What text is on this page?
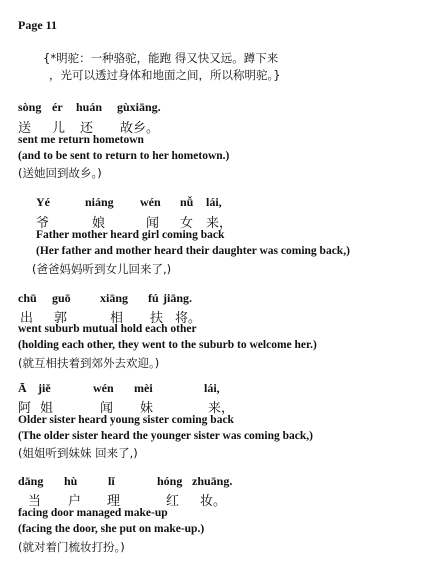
Page 11
{*明驼：一种骆驼，能跑 得又快又远。蹲下来
，光可以透过身体和地面之间，所以称明驼。}
sòng ér huán gùxiāng.
送 儿 还 故乡。
sent me return hometown
(and to be sent to return to her hometown.)
(送她回到故乡。)
Yé	niáng wén nǚ lái,
爷	娘	闻 女 来，
Father mother heard girl coming back
(Her father and mother heard their daughter was coming back,)
(爸爸妈妈听到女儿回来了,)
chū guō xiāng fú jiāng.
出 郭	相 扶 将。
went suburb mutual hold each other
(holding each other, they went to the suburb to welcome her.)
(就互相扶着到郊外去欢迎。)
Ā jiě	wén mèi	lái,
阿 姐	闻 妹	来，
Older sister heard young sister coming back
(The older sister heard the younger sister was coming back,)
(姐姐听到妹妹 回来了,)
dāng hù	lǐ	hóng zhuāng.
当 户 理	红 妆。
facing door managed make-up
(facing the door, she put on make-up.)
(就对着门梳妆打扮。)
